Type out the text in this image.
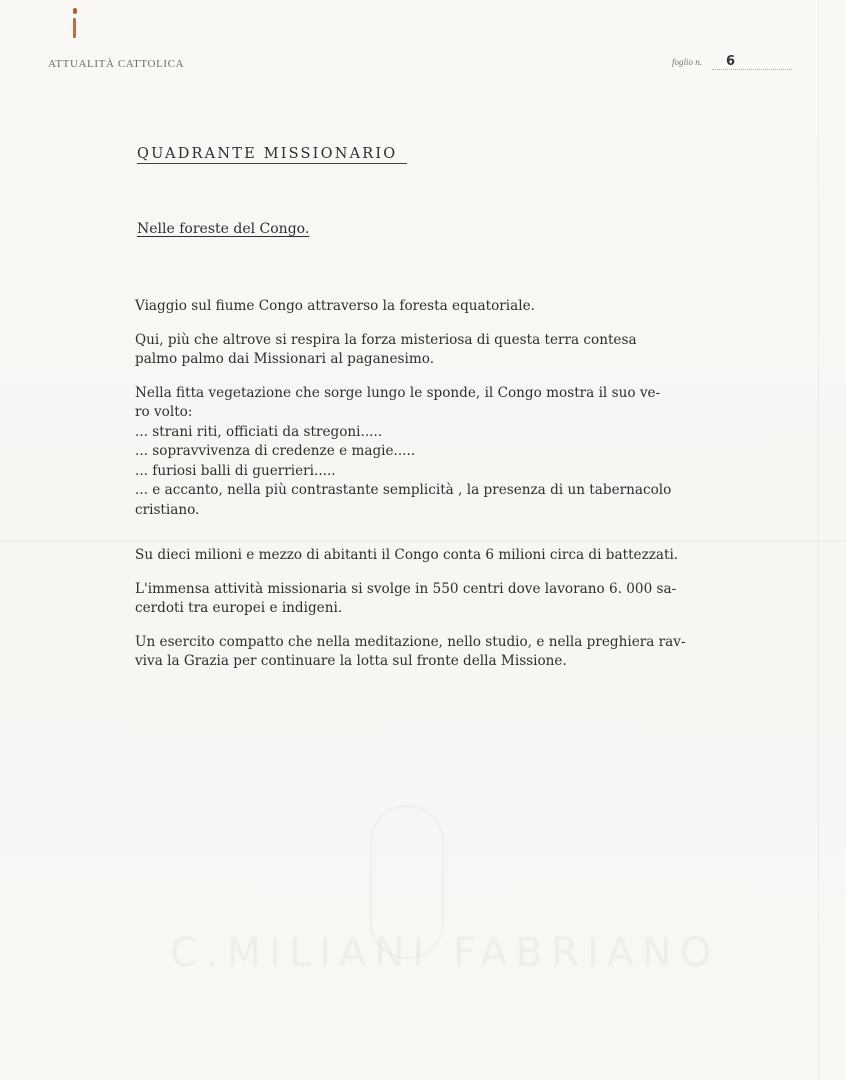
ATTUALITÀ CATTOLICA	foglio n. 6
QUADRANTE MISSIONARIO
Nelle foreste del Congo.

Viaggio sul fiume Congo attraverso la foresta equatoriale.

Qui, più che altrove si respira la forza misteriosa di questa terra contesa
palmo palmo dai Missionari al paganesimo.

Nella fitta vegetazione che sorge lungo le sponde, il Congo mostra il suo ve-
ro volto:
... strani riti, officiati da stregoni.....
... sopravvivenza di credenze e magie.....
... furiosi balli di guerrieri.....
... e accanto, nella più contrastante semplicità , la presenza di un tabernacolo
cristiano.

Su dieci milioni e mezzo di abitanti il Congo conta 6 milioni circa di battezzati.

L'immensa attività missionaria si svolge in 550 centri dove lavorano 6. 000 sa-
cerdoti tra europei e indigeni.

Un esercito compatto che nella meditazione, nello studio, e nella preghiera rav-
viva la Grazia per continuare la lotta sul fronte della Missione.
